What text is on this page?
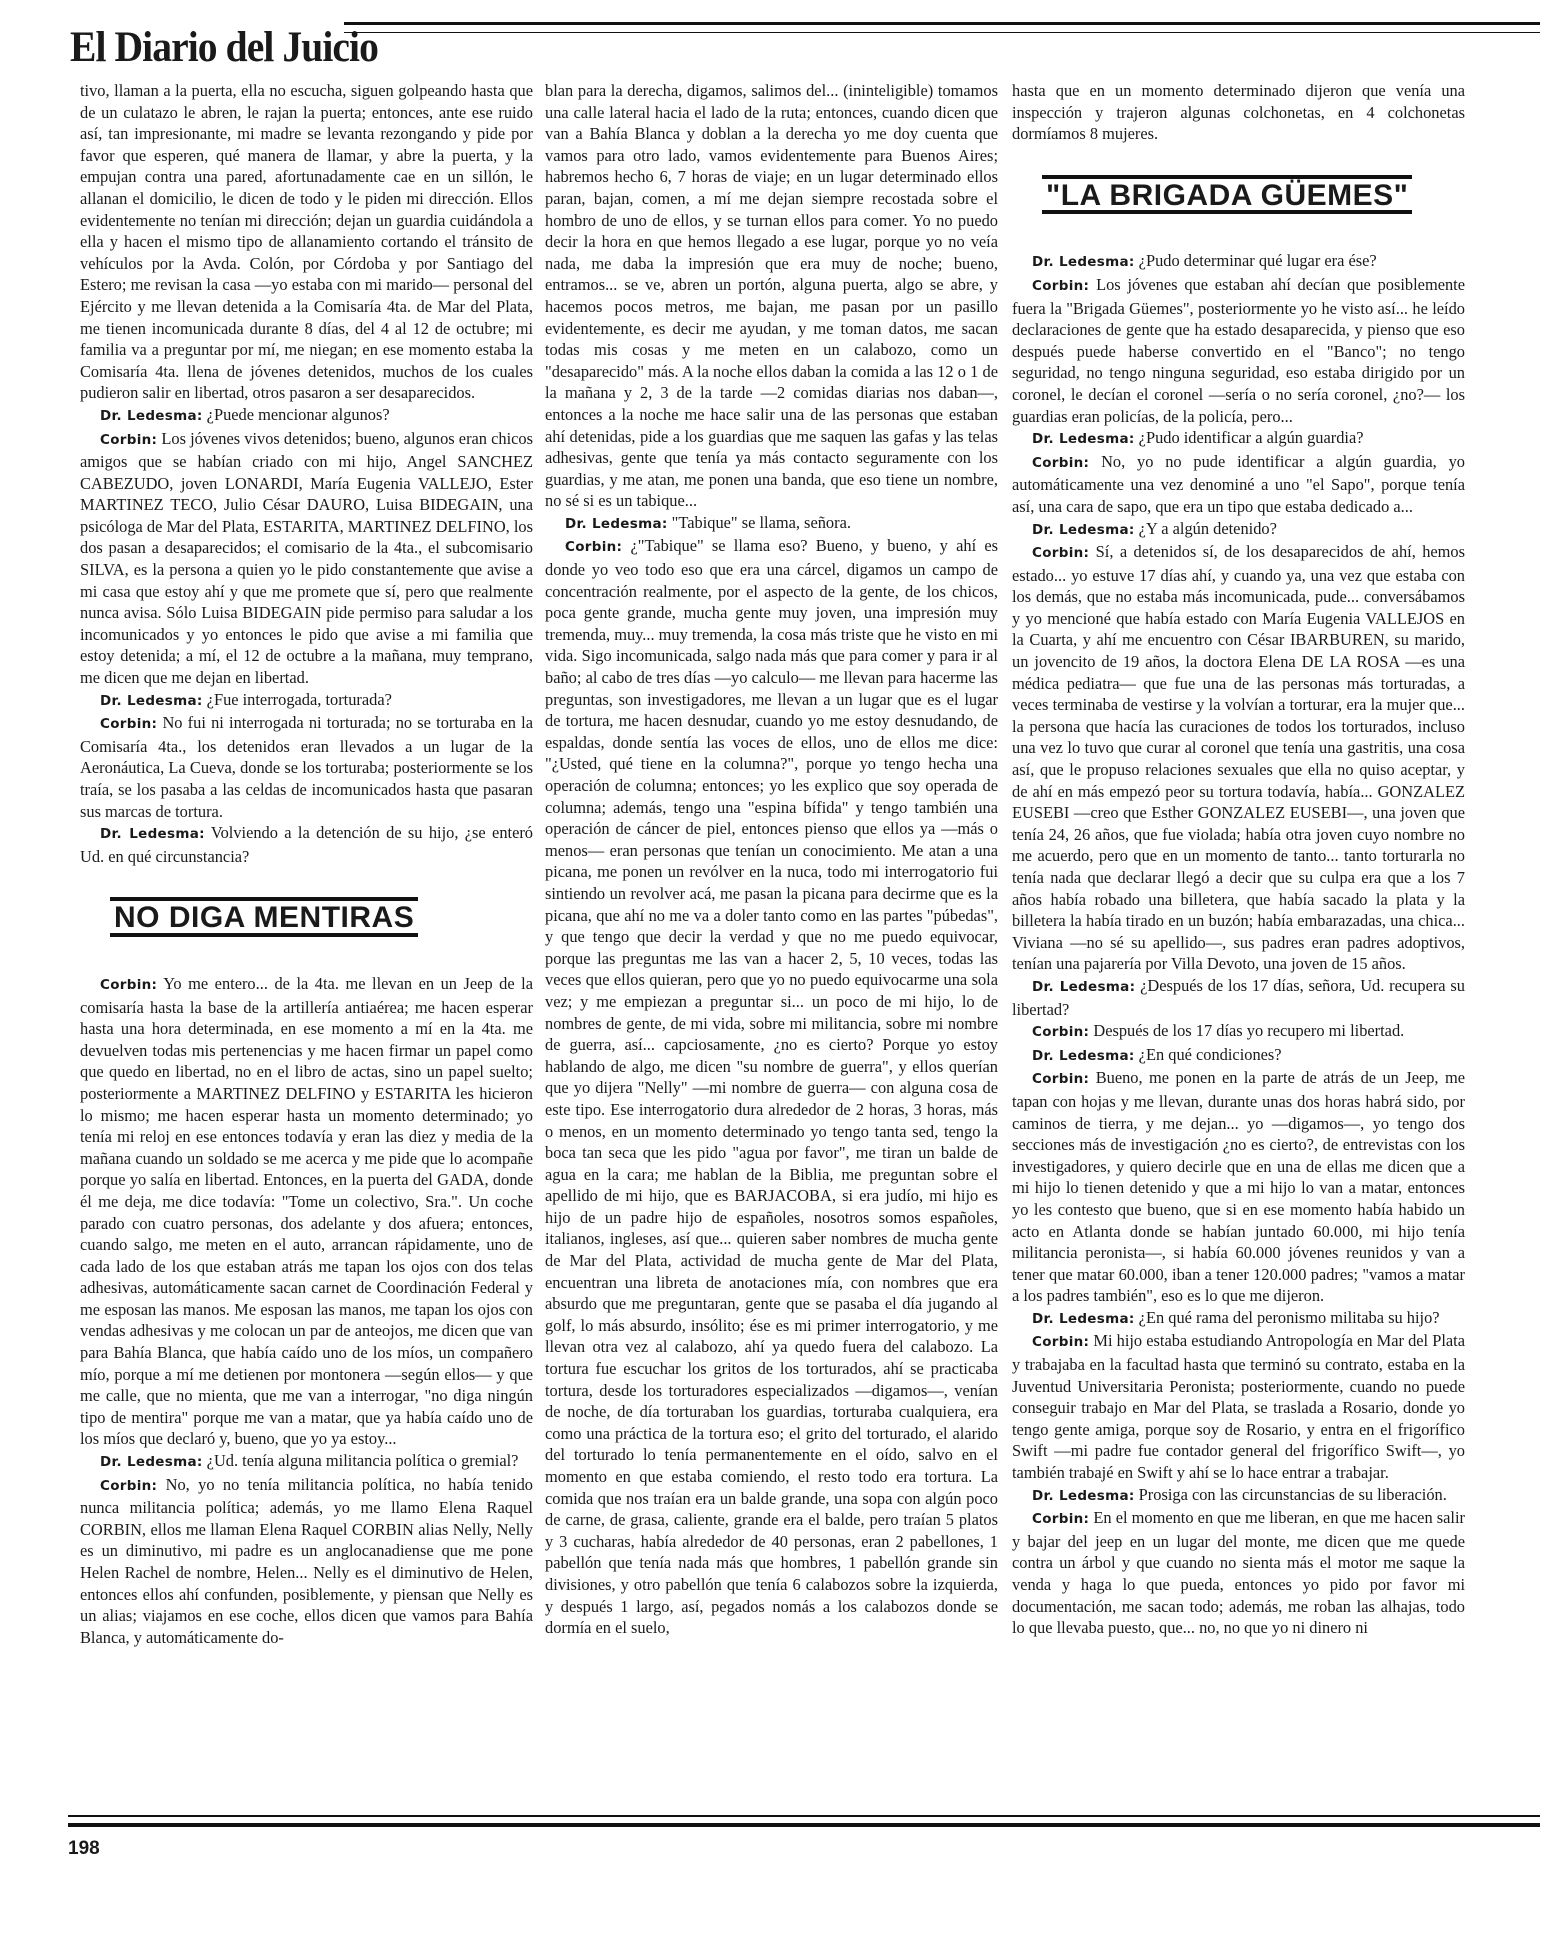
El Diario del Juicio

tivo, llaman a la puerta, ella no escucha, siguen golpeando hasta que de un culatazo le abren, le rajan la puerta; entonces, ante ese ruido así, tan impresionante, mi madre se levanta rezongando y pide por favor que esperen, qué manera de llamar, y abre la puerta, y la empujan contra una pared, afortunadamente cae en un sillón, le allanan el domicilio, le dicen de todo y le piden mi dirección. Ellos evidentemente no tenían mi dirección; dejan un guardia cuidándola a ella y hacen el mismo tipo de allanamiento cortando el tránsito de vehículos por la Avda. Colón, por Córdoba y por Santiago del Estero; me revisan la casa —yo estaba con mi marido— personal del Ejército y me llevan detenida a la Comisaría 4ta. de Mar del Plata, me tienen incomunicada durante 8 días, del 4 al 12 de octubre; mi familia va a preguntar por mí, me niegan; en ese momento estaba la Comisaría 4ta. llena de jóvenes detenidos, muchos de los cuales pudieron salir en libertad, otros pasaron a ser desaparecidos.

Dr. Ledesma: ¿Puede mencionar algunos?

Corbin: Los jóvenes vivos detenidos; bueno, algunos eran chicos amigos que se habían criado con mi hijo, Angel SANCHEZ CABEZUDO, joven LONARDI, María Eugenia VALLEJO, Ester MARTINEZ TECO, Julio César DAURO, Luisa BIDEGAIN, una psicóloga de Mar del Plata, ESTARITA, MARTINEZ DELFINO, los dos pasan a desaparecidos; el comisario de la 4ta., el subcomisario SILVA, es la persona a quien yo le pido constantemente que avise a mi casa que estoy ahí y que me promete que sí, pero que realmente nunca avisa. Sólo Luisa BIDEGAIN pide permiso para saludar a los incomunicados y yo entonces le pido que avise a mi familia que estoy detenida; a mí, el 12 de octubre a la mañana, muy temprano, me dicen que me dejan en libertad.

Dr. Ledesma: ¿Fue interrogada, torturada?

Corbin: No fui ni interrogada ni torturada; no se torturaba en la Comisaría 4ta., los detenidos eran llevados a un lugar de la Aeronáutica, La Cueva, donde se los torturaba; posteriormente se los traía, se los pasaba a las celdas de incomunicados hasta que pasaran sus marcas de tortura.

Dr. Ledesma: Volviendo a la detención de su hijo, ¿se enteró Ud. en qué circunstancia?

NO DIGA MENTIRAS

Corbin: Yo me entero... de la 4ta. me llevan en un Jeep de la comisaría hasta la base de la artillería antiaérea; me hacen esperar hasta una hora determinada, en ese momento a mí en la 4ta. me devuelven todas mis pertenencias y me hacen firmar un papel como que quedo en libertad, no en el libro de actas, sino un papel suelto; posteriormente a MARTINEZ DELFINO y ESTARITA les hicieron lo mismo; me hacen esperar hasta un momento determinado; yo tenía mi reloj en ese entonces todavía y eran las diez y media de la mañana cuando un soldado se me acerca y me pide que lo acompañe porque yo salía en libertad. Entonces, en la puerta del GADA, donde él me deja, me dice todavía: "Tome un colectivo, Sra.". Un coche parado con cuatro personas, dos adelante y dos afuera; entonces, cuando salgo, me meten en el auto, arrancan rápidamente, uno de cada lado de los que estaban atrás me tapan los ojos con dos telas adhesivas, automáticamente sacan carnet de Coordinación Federal y me esposan las manos. Me esposan las manos, me tapan los ojos con vendas adhesivas y me colocan un par de anteojos, me dicen que van para Bahía Blanca, que había caído uno de los míos, un compañero mío, porque a mí me detienen por montonera —según ellos— y que me calle, que no mienta, que me van a interrogar, "no diga ningún tipo de mentira" porque me van a matar, que ya había caído uno de los míos que declaró y, bueno, que yo ya estoy...

Dr. Ledesma: ¿Ud. tenía alguna militancia política o gremial?

Corbin: No, yo no tenía militancia política, no había tenido nunca militancia política; además, yo me llamo Elena Raquel CORBIN, ellos me llaman Elena Raquel CORBIN alias Nelly, Nelly es un diminutivo, mi padre es un anglocanadiense que me pone Helen Rachel de nombre, Helen... Nelly es el diminutivo de Helen, entonces ellos ahí confunden, posiblemente, y piensan que Nelly es un alias; viajamos en ese coche, ellos dicen que vamos para Bahía Blanca, y automáticamente do-

blan para la derecha, digamos, salimos del... (ininteligible) tomamos una calle lateral hacia el lado de la ruta; entonces, cuando dicen que van a Bahía Blanca y doblan a la derecha yo me doy cuenta que vamos para otro lado, vamos evidentemente para Buenos Aires; habremos hecho 6, 7 horas de viaje; en un lugar determinado ellos paran, bajan, comen, a mí me dejan siempre recostada sobre el hombro de uno de ellos, y se turnan ellos para comer. Yo no puedo decir la hora en que hemos llegado a ese lugar, porque yo no veía nada, me daba la impresión que era muy de noche; bueno, entramos... se ve, abren un portón, alguna puerta, algo se abre, y hacemos pocos metros, me bajan, me pasan por un pasillo evidentemente, es decir me ayudan, y me toman datos, me sacan todas mis cosas y me meten en un calabozo, como un "desaparecido" más. A la noche ellos daban la comida a las 12 o 1 de la mañana y 2, 3 de la tarde —2 comidas diarias nos daban—, entonces a la noche me hace salir una de las personas que estaban ahí detenidas, pide a los guardias que me saquen las gafas y las telas adhesivas, gente que tenía ya más contacto seguramente con los guardias, y me atan, me ponen una banda, que eso tiene un nombre, no sé si es un tabique...

Dr. Ledesma: "Tabique" se llama, señora.

Corbin: ¿"Tabique" se llama eso? Bueno, y bueno, y ahí es donde yo veo todo eso que era una cárcel, digamos un campo de concentración realmente, por el aspecto de la gente, de los chicos, poca gente grande, mucha gente muy joven, una impresión muy tremenda, muy... muy tremenda, la cosa más triste que he visto en mi vida. Sigo incomunicada, salgo nada más que para comer y para ir al baño; al cabo de tres días —yo calculo— me llevan para hacerme las preguntas, son investigadores, me llevan a un lugar que es el lugar de tortura, me hacen desnudar, cuando yo me estoy desnudando, de espaldas, donde sentía las voces de ellos, uno de ellos me dice: "¿Usted, qué tiene en la columna?", porque yo tengo hecha una operación de columna; entonces; yo les explico que soy operada de columna; además, tengo una "espina bífida" y tengo también una operación de cáncer de piel, entonces pienso que ellos ya —más o menos— eran personas que tenían un conocimiento. Me atan a una picana, me ponen un revólver en la nuca, todo mi interrogatorio fui sintiendo un revolver acá, me pasan la picana para decirme que es la picana, que ahí no me va a doler tanto como en las partes "púbedas", y que tengo que decir la verdad y que no me puedo equivocar, porque las preguntas me las van a hacer 2, 5, 10 veces, todas las veces que ellos quieran, pero que yo no puedo equivocarme una sola vez; y me empiezan a preguntar si... un poco de mi hijo, lo de nombres de gente, de mi vida, sobre mi militancia, sobre mi nombre de guerra, así... capciosamente, ¿no es cierto? Porque yo estoy hablando de algo, me dicen "su nombre de guerra", y ellos querían que yo dijera "Nelly" —mi nombre de guerra— con alguna cosa de este tipo. Ese interrogatorio dura alrededor de 2 horas, 3 horas, más o menos, en un momento determinado yo tengo tanta sed, tengo la boca tan seca que les pido "agua por favor", me tiran un balde de agua en la cara; me hablan de la Biblia, me preguntan sobre el apellido de mi hijo, que es BARJACOBA, si era judío, mi hijo es hijo de un padre hijo de españoles, nosotros somos españoles, italianos, ingleses, así que... quieren saber nombres de mucha gente de Mar del Plata, actividad de mucha gente de Mar del Plata, encuentran una libreta de anotaciones mía, con nombres que era absurdo que me preguntaran, gente que se pasaba el día jugando al golf, lo más absurdo, insólito; ése es mi primer interrogatorio, y me llevan otra vez al calabozo, ahí ya quedo fuera del calabozo. La tortura fue escuchar los gritos de los torturados, ahí se practicaba tortura, desde los torturadores especializados —digamos—, venían de noche, de día torturaban los guardias, torturaba cualquiera, era como una práctica de la tortura eso; el grito del torturado, el alarido del torturado lo tenía permanentemente en el oído, salvo en el momento en que estaba comiendo, el resto todo era tortura. La comida que nos traían era un balde grande, una sopa con algún poco de carne, de grasa, caliente, grande era el balde, pero traían 5 platos y 3 cucharas, había alrededor de 40 personas, eran 2 pabellones, 1 pabellón que tenía nada más que hombres, 1 pabellón grande sin divisiones, y otro pabellón que tenía 6 calabozos sobre la izquierda, y después 1 largo, así, pegados nomás a los calabozos donde se dormía en el suelo,

hasta que en un momento determinado dijeron que venía una inspección y trajeron algunas colchonetas, en 4 colchonetas dormíamos 8 mujeres.

"LA BRIGADA GÜEMES"

Dr. Ledesma: ¿Pudo determinar qué lugar era ése?

Corbin: Los jóvenes que estaban ahí decían que posiblemente fuera la "Brigada Güemes", posteriormente yo he visto así... he leído declaraciones de gente que ha estado desaparecida, y pienso que eso después puede haberse convertido en el "Banco"; no tengo seguridad, no tengo ninguna seguridad, eso estaba dirigido por un coronel, le decían el coronel —sería o no sería coronel, ¿no?— los guardias eran policías, de la policía, pero...

Dr. Ledesma: ¿Pudo identificar a algún guardia?

Corbin: No, yo no pude identificar a algún guardia, yo automáticamente una vez denominé a uno "el Sapo", porque tenía así, una cara de sapo, que era un tipo que estaba dedicado a...

Dr. Ledesma: ¿Y a algún detenido?

Corbin: Sí, a detenidos sí, de los desaparecidos de ahí, hemos estado... yo estuve 17 días ahí, y cuando ya, una vez que estaba con los demás, que no estaba más incomunicada, pude... conversábamos y yo mencioné que había estado con María Eugenia VALLEJOS en la Cuarta, y ahí me encuentro con César IBARBUREN, su marido, un jovencito de 19 años, la doctora Elena DE LA ROSA —es una médica pediatra— que fue una de las personas más torturadas, a veces terminaba de vestirse y la volvían a torturar, era la mujer que... la persona que hacía las curaciones de todos los torturados, incluso una vez lo tuvo que curar al coronel que tenía una gastritis, una cosa así, que le propuso relaciones sexuales que ella no quiso aceptar, y de ahí en más empezó peor su tortura todavía, había... GONZALEZ EUSEBI —creo que Esther GONZALEZ EUSEBI—, una joven que tenía 24, 26 años, que fue violada; había otra joven cuyo nombre no me acuerdo, pero que en un momento de tanto... tanto torturarla no tenía nada que declarar llegó a decir que su culpa era que a los 7 años había robado una billetera, que había sacado la plata y la billetera la había tirado en un buzón; había embarazadas, una chica... Viviana —no sé su apellido—, sus padres eran padres adoptivos, tenían una pajarería por Villa Devoto, una joven de 15 años.

Dr. Ledesma: ¿Después de los 17 días, señora, Ud. recupera su libertad?

Corbin: Después de los 17 días yo recupero mi libertad.

Dr. Ledesma: ¿En qué condiciones?

Corbin: Bueno, me ponen en la parte de atrás de un Jeep, me tapan con hojas y me llevan, durante unas dos horas habrá sido, por caminos de tierra, y me dejan... yo —digamos—, yo tengo dos secciones más de investigación ¿no es cierto?, de entrevistas con los investigadores, y quiero decirle que en una de ellas me dicen que a mi hijo lo tienen detenido y que a mi hijo lo van a matar, entonces yo les contesto que bueno, que si en ese momento había habido un acto en Atlanta donde se habían juntado 60.000, mi hijo tenía militancia peronista—, si había 60.000 jóvenes reunidos y van a tener que matar 60.000, iban a tener 120.000 padres; "vamos a matar a los padres también", eso es lo que me dijeron.

Dr. Ledesma: ¿En qué rama del peronismo militaba su hijo?

Corbin: Mi hijo estaba estudiando Antropología en Mar del Plata y trabajaba en la facultad hasta que terminó su contrato, estaba en la Juventud Universitaria Peronista; posteriormente, cuando no puede conseguir trabajo en Mar del Plata, se traslada a Rosario, donde yo tengo gente amiga, porque soy de Rosario, y entra en el frigorífico Swift —mi padre fue contador general del frigorífico Swift—, yo también trabajé en Swift y ahí se lo hace entrar a trabajar.

Dr. Ledesma: Prosiga con las circunstancias de su liberación.

Corbin: En el momento en que me liberan, en que me hacen salir y bajar del jeep en un lugar del monte, me dicen que me quede contra un árbol y que cuando no sienta más el motor me saque la venda y haga lo que pueda, entonces yo pido por favor mi documentación, me sacan todo; además, me roban las alhajas, todo lo que llevaba puesto, que... no, no que yo ni dinero ni

198
